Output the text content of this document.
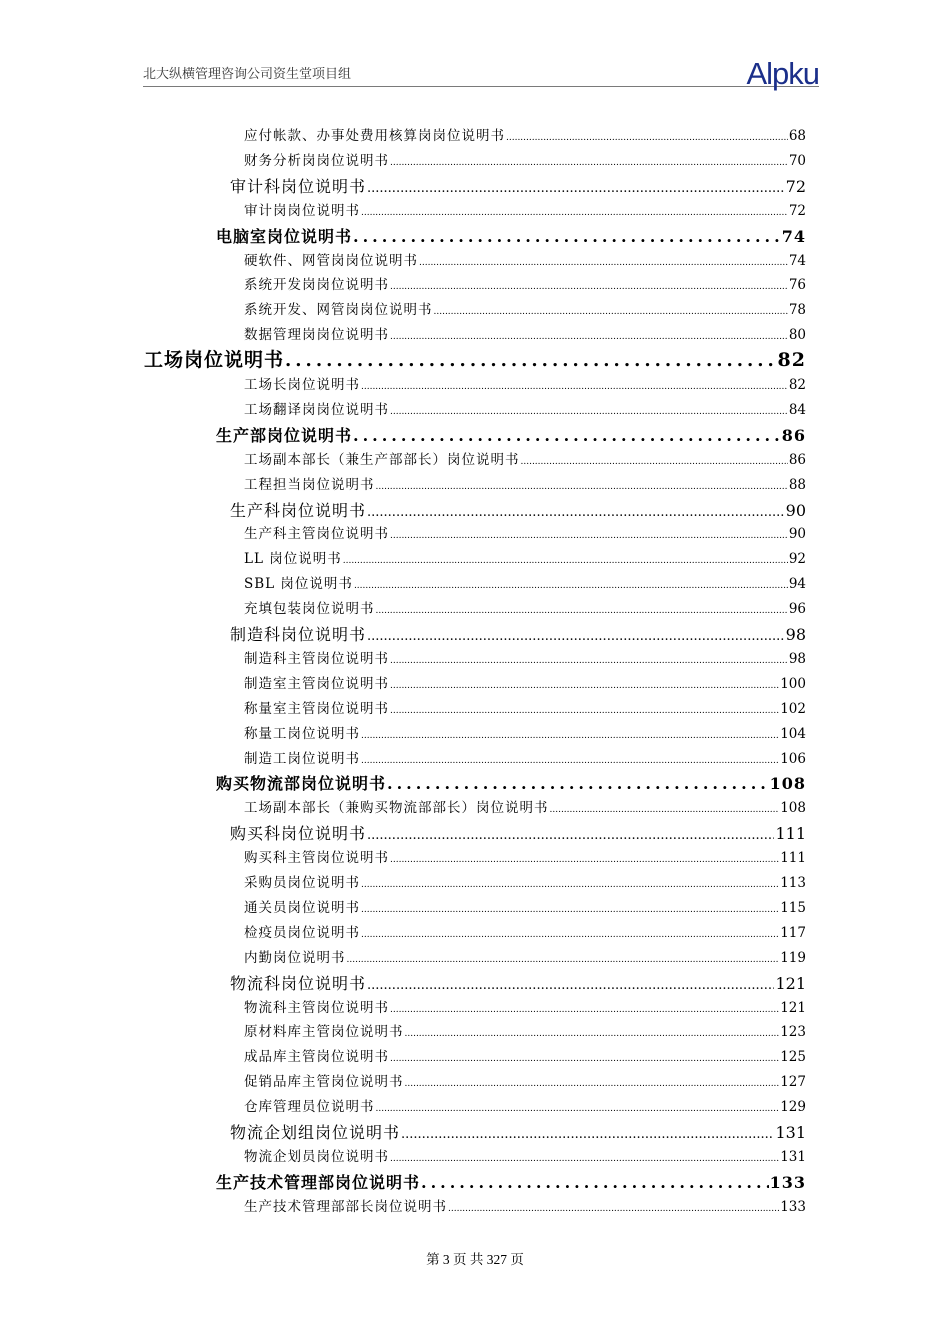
北大纵横管理咨询公司资生堂项目组	Alpku
应付帐款、办事处费用核算岗岗位说明书 .....	68
财务分析岗岗位说明书 .....	70
审计科岗位说明书 .....	72
审计岗岗位说明书 .....	72
电脑室岗位说明书 .....	74
硬软件、网管岗岗位说明书 .....	74
系统开发岗岗位说明书 .....	76
系统开发、网管岗岗位说明书 .....	78
数据管理岗岗位说明书 .....	80
工场岗位说明书 .....	82
工场长岗位说明书 .....	82
工场翻译岗岗位说明书 .....	84
生产部岗位说明书 .....	86
工场副本部长（兼生产部部长）岗位说明书 .....	86
工程担当岗位说明书 .....	88
生产科岗位说明书 .....	90
生产科主管岗位说明书 .....	90
LL 岗位说明书 .....	92
SBL 岗位说明书 .....	94
充填包装岗位说明书 .....	96
制造科岗位说明书 .....	98
制造科主管岗位说明书 .....	98
制造室主管岗位说明书 .....	100
称量室主管岗位说明书 .....	102
称量工岗位说明书 .....	104
制造工岗位说明书 .....	106
购买物流部岗位说明书 .....	108
工场副本部长（兼购买物流部部长）岗位说明书 .....	108
购买科岗位说明书 .....	111
购买科主管岗位说明书 .....	111
采购员岗位说明书 .....	113
通关员岗位说明书 .....	115
检疫员岗位说明书 .....	117
内勤岗位说明书 .....	119
物流科岗位说明书 .....	121
物流科主管岗位说明书 .....	121
原材料库主管岗位说明书 .....	123
成品库主管岗位说明书 .....	125
促销品库主管岗位说明书 .....	127
仓库管理员位说明书 .....	129
物流企划组岗位说明书 .....	131
物流企划员岗位说明书 .....	131
生产技术管理部岗位说明书 .....	133
生产技术管理部部长岗位说明书 .....	133
第 3 页 共 327 页
